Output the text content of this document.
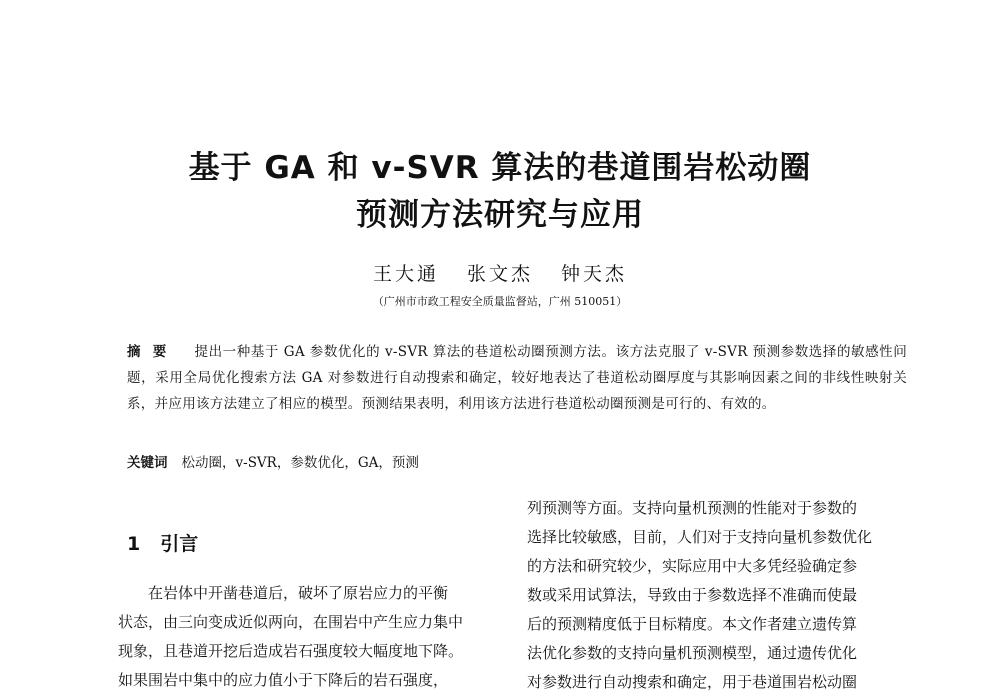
基于 GA 和 v-SVR 算法的巷道围岩松动圈
预测方法研究与应用
王大通 张文杰 钟天杰
（广州市市政工程安全质量监督站，广州 510051）
摘要 提出一种基于 GA 参数优化的 v-SVR 算法的巷道松动圈预测方法。该方法克服了 v-SVR 预测参数选择的敏感性问题，采用全局优化搜索方法 GA 对参数进行自动搜索和确定，较好地表达了巷道松动圈厚度与其影响因素之间的非线性映射关系，并应用该方法建立了相应的模型。预测结果表明，利用该方法进行巷道松动圈预测是可行的、有效的。
关键词 松动圈，v-SVR，参数优化，GA，预测
1 引言
在岩体中开凿巷道后，破坏了原岩应力的平衡
状态，由三向变成近似两向，在围岩中产生应力集中
现象，且巷道开挖后造成岩石强度较大幅度地下降。
如果围岩中集中的应力值小于下降后的岩石强度，
列预测等方面。支持向量机预测的性能对于参数的
选择比较敏感，目前，人们对于支持向量机参数优化
的方法和研究较少，实际应用中大多凭经验确定参
数或采用试算法，导致由于参数选择不准确而使最
后的预测精度低于目标精度。本文作者建立遗传算
法优化参数的支持向量机预测模型，通过遗传优化
对参数进行自动搜索和确定，用于巷道围岩松动圈
